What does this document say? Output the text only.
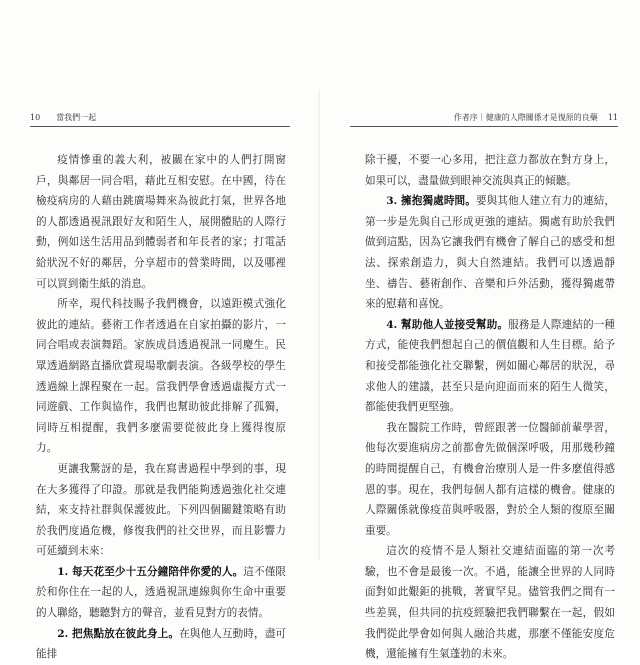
10 當我們一起

疫情慘重的義大利，被關在家中的人們打開窗戶，與鄰居一同合唱，藉此互相安慰。在中國，待在檢疫病房的人藉由跳廣場舞來為彼此打氣，世界各地的人都透過視訊跟好友和陌生人，展開體貼的人際行動，例如送生活用品到體弱者和年長者的家；打電話給狀況不好的鄰居，分享超市的營業時間，以及哪裡可以買到衛生紙的消息。

所幸，現代科技賜予我們機會，以遠距模式強化彼此的連結。藝術工作者透過在自家拍攝的影片，一同合唱或表演舞蹈。家族成員透過視訊一同慶生。民眾透過網路直播欣賞現場歌劇表演。各級學校的學生透過線上課程聚在一起。當我們學會透過虛擬方式一同遊戲、工作與協作，我們也幫助彼此排解了孤獨，同時互相提醒，我們多麼需要從彼此身上獲得復原力。

更讓我驚訝的是，我在寫書過程中學到的事，現在大多獲得了印證。那就是我們能夠透過強化社交連結，來支持社群與保護彼此。下列四個關鍵策略有助於我們度過危機，修復我們的社交世界，而且影響力可延續到未來：

1. 每天花至少十五分鐘陪伴你愛的人。這不僅限於和你住在一起的人，透過視訊連線與你生命中重要的人聯絡，聽聽對方的聲音，並看見對方的表情。

2. 把焦點放在彼此身上。在與他人互動時，盡可能排

作者序｜健康的人際關係才是復原的良藥 11

除干擾，不要一心多用，把注意力都放在對方身上，如果可以，盡量做到眼神交流與真正的傾聽。

3. 擁抱獨處時間。要與其他人建立有力的連結，第一步是先與自己形成更強的連結。獨處有助於我們做到這點，因為它讓我們有機會了解自己的感受和想法、探索創造力，與大自然連結。我們可以透過靜坐、禱告、藝術創作、音樂和戶外活動，獲得獨處帶來的慰藉和喜悅。

4. 幫助他人並接受幫助。服務是人際連結的一種方式，能使我們想起自己的價值觀和人生目標。給予和接受都能強化社交聯繫，例如關心鄰居的狀況，尋求他人的建議，甚至只是向迎面而來的陌生人微笑，都能使我們更堅強。

我在醫院工作時，曾經跟著一位醫師前輩學習，他每次要進病房之前都會先做個深呼吸，用那幾秒鐘的時間提醒自己，有機會治療別人是一件多麼值得感恩的事。現在，我們每個人都有這樣的機會。健康的人際關係就像疫苗與呼吸器，對於全人類的復原至關重要。

這次的疫情不是人類社交連結面臨的第一次考驗，也不會是最後一次。不過，能讓全世界的人同時面對如此艱鉅的挑戰，著實罕見。儘管我們之間有一些差異，但共同的抗疫經驗把我們聯繫在一起，假如我們從此學會如何與人融洽共處，那麼不僅能安度危機，還能擁有生氣蓬勃的未來。
